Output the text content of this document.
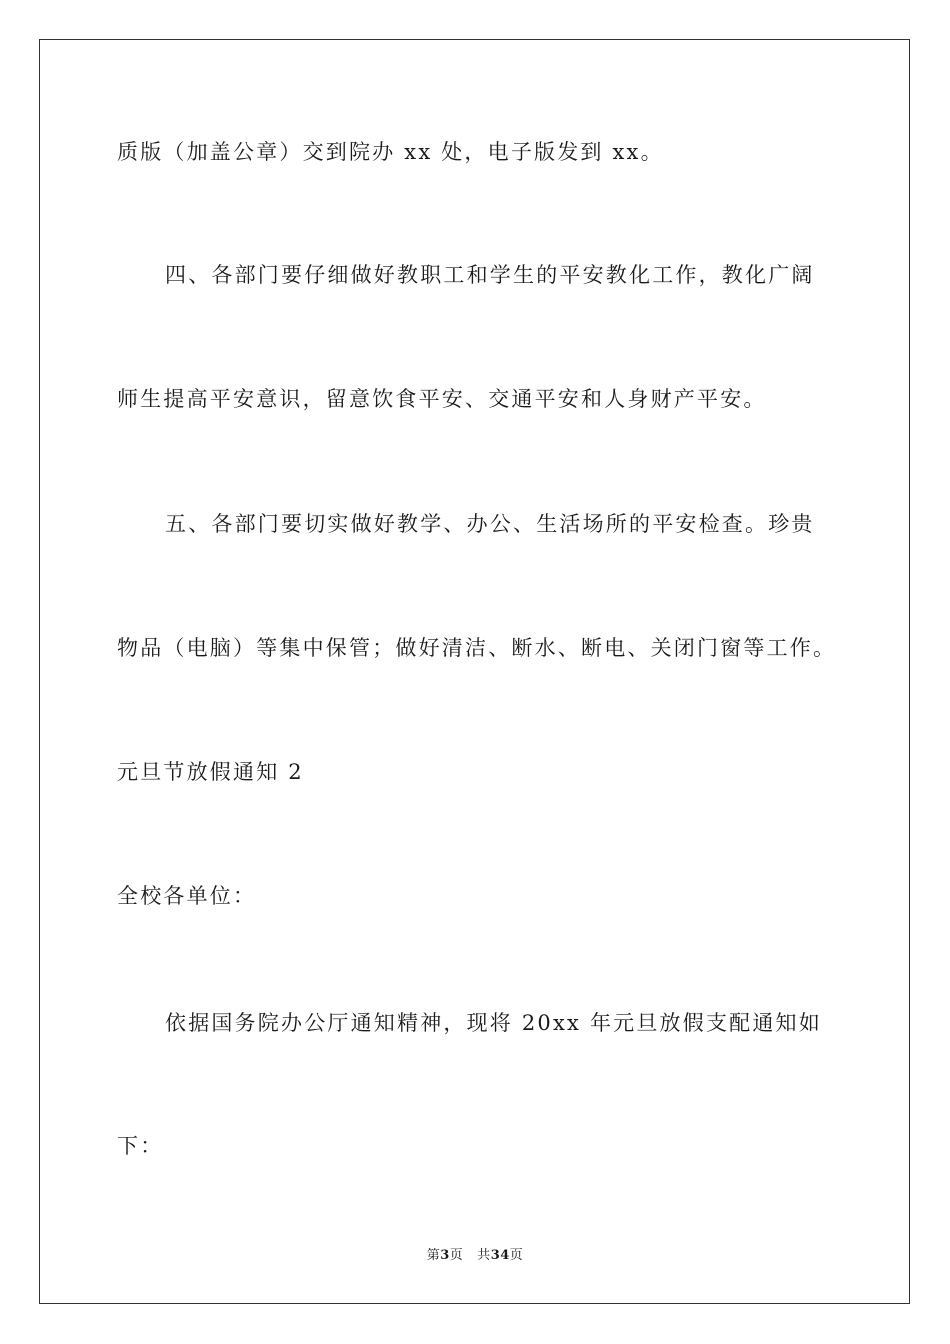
质版（加盖公章）交到院办 xx 处，电子版发到 xx。
四、各部门要仔细做好教职工和学生的平安教化工作，教化广阔
师生提高平安意识，留意饮食平安、交通平安和人身财产平安。
五、各部门要切实做好教学、办公、生活场所的平安检查。珍贵
物品（电脑）等集中保管；做好清洁、断水、断电、关闭门窗等工作。
元旦节放假通知 2
全校各单位：
依据国务院办公厅通知精神，现将 20xx 年元旦放假支配通知如
下：
第3页 共34页
